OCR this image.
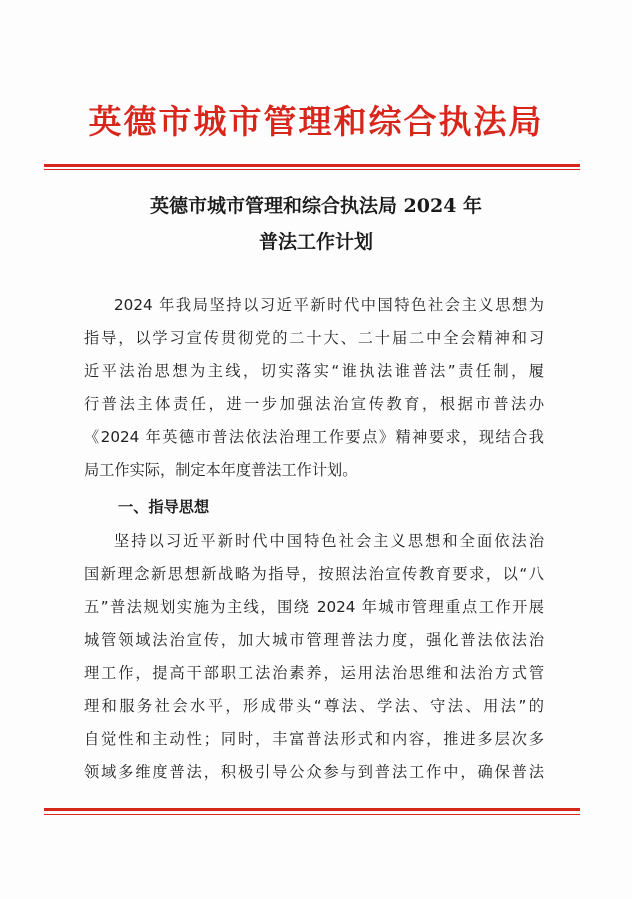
英德市城市管理和综合执法局
英德市城市管理和综合执法局 2024 年
普法工作计划
2024 年我局坚持以习近平新时代中国特色社会主义思想为
指导，以学习宣传贯彻党的二十大、二十届二中全会精神和习
近平法治思想为主线，切实落实“谁执法谁普法”责任制，履
行普法主体责任，进一步加强法治宣传教育，根据市普法办
《2024 年英德市普法依法治理工作要点》精神要求，现结合我
局工作实际，制定本年度普法工作计划。
一、指导思想
坚持以习近平新时代中国特色社会主义思想和全面依法治
国新理念新思想新战略为指导，按照法治宣传教育要求，以“八
五”普法规划实施为主线，围绕 2024 年城市管理重点工作开展
城管领域法治宣传，加大城市管理普法力度，强化普法依法治
理工作，提高干部职工法治素养，运用法治思维和法治方式管
理和服务社会水平，形成带头“尊法、学法、守法、用法”的
自觉性和主动性；同时，丰富普法形式和内容，推进多层次多
领域多维度普法，积极引导公众参与到普法工作中，确保普法
